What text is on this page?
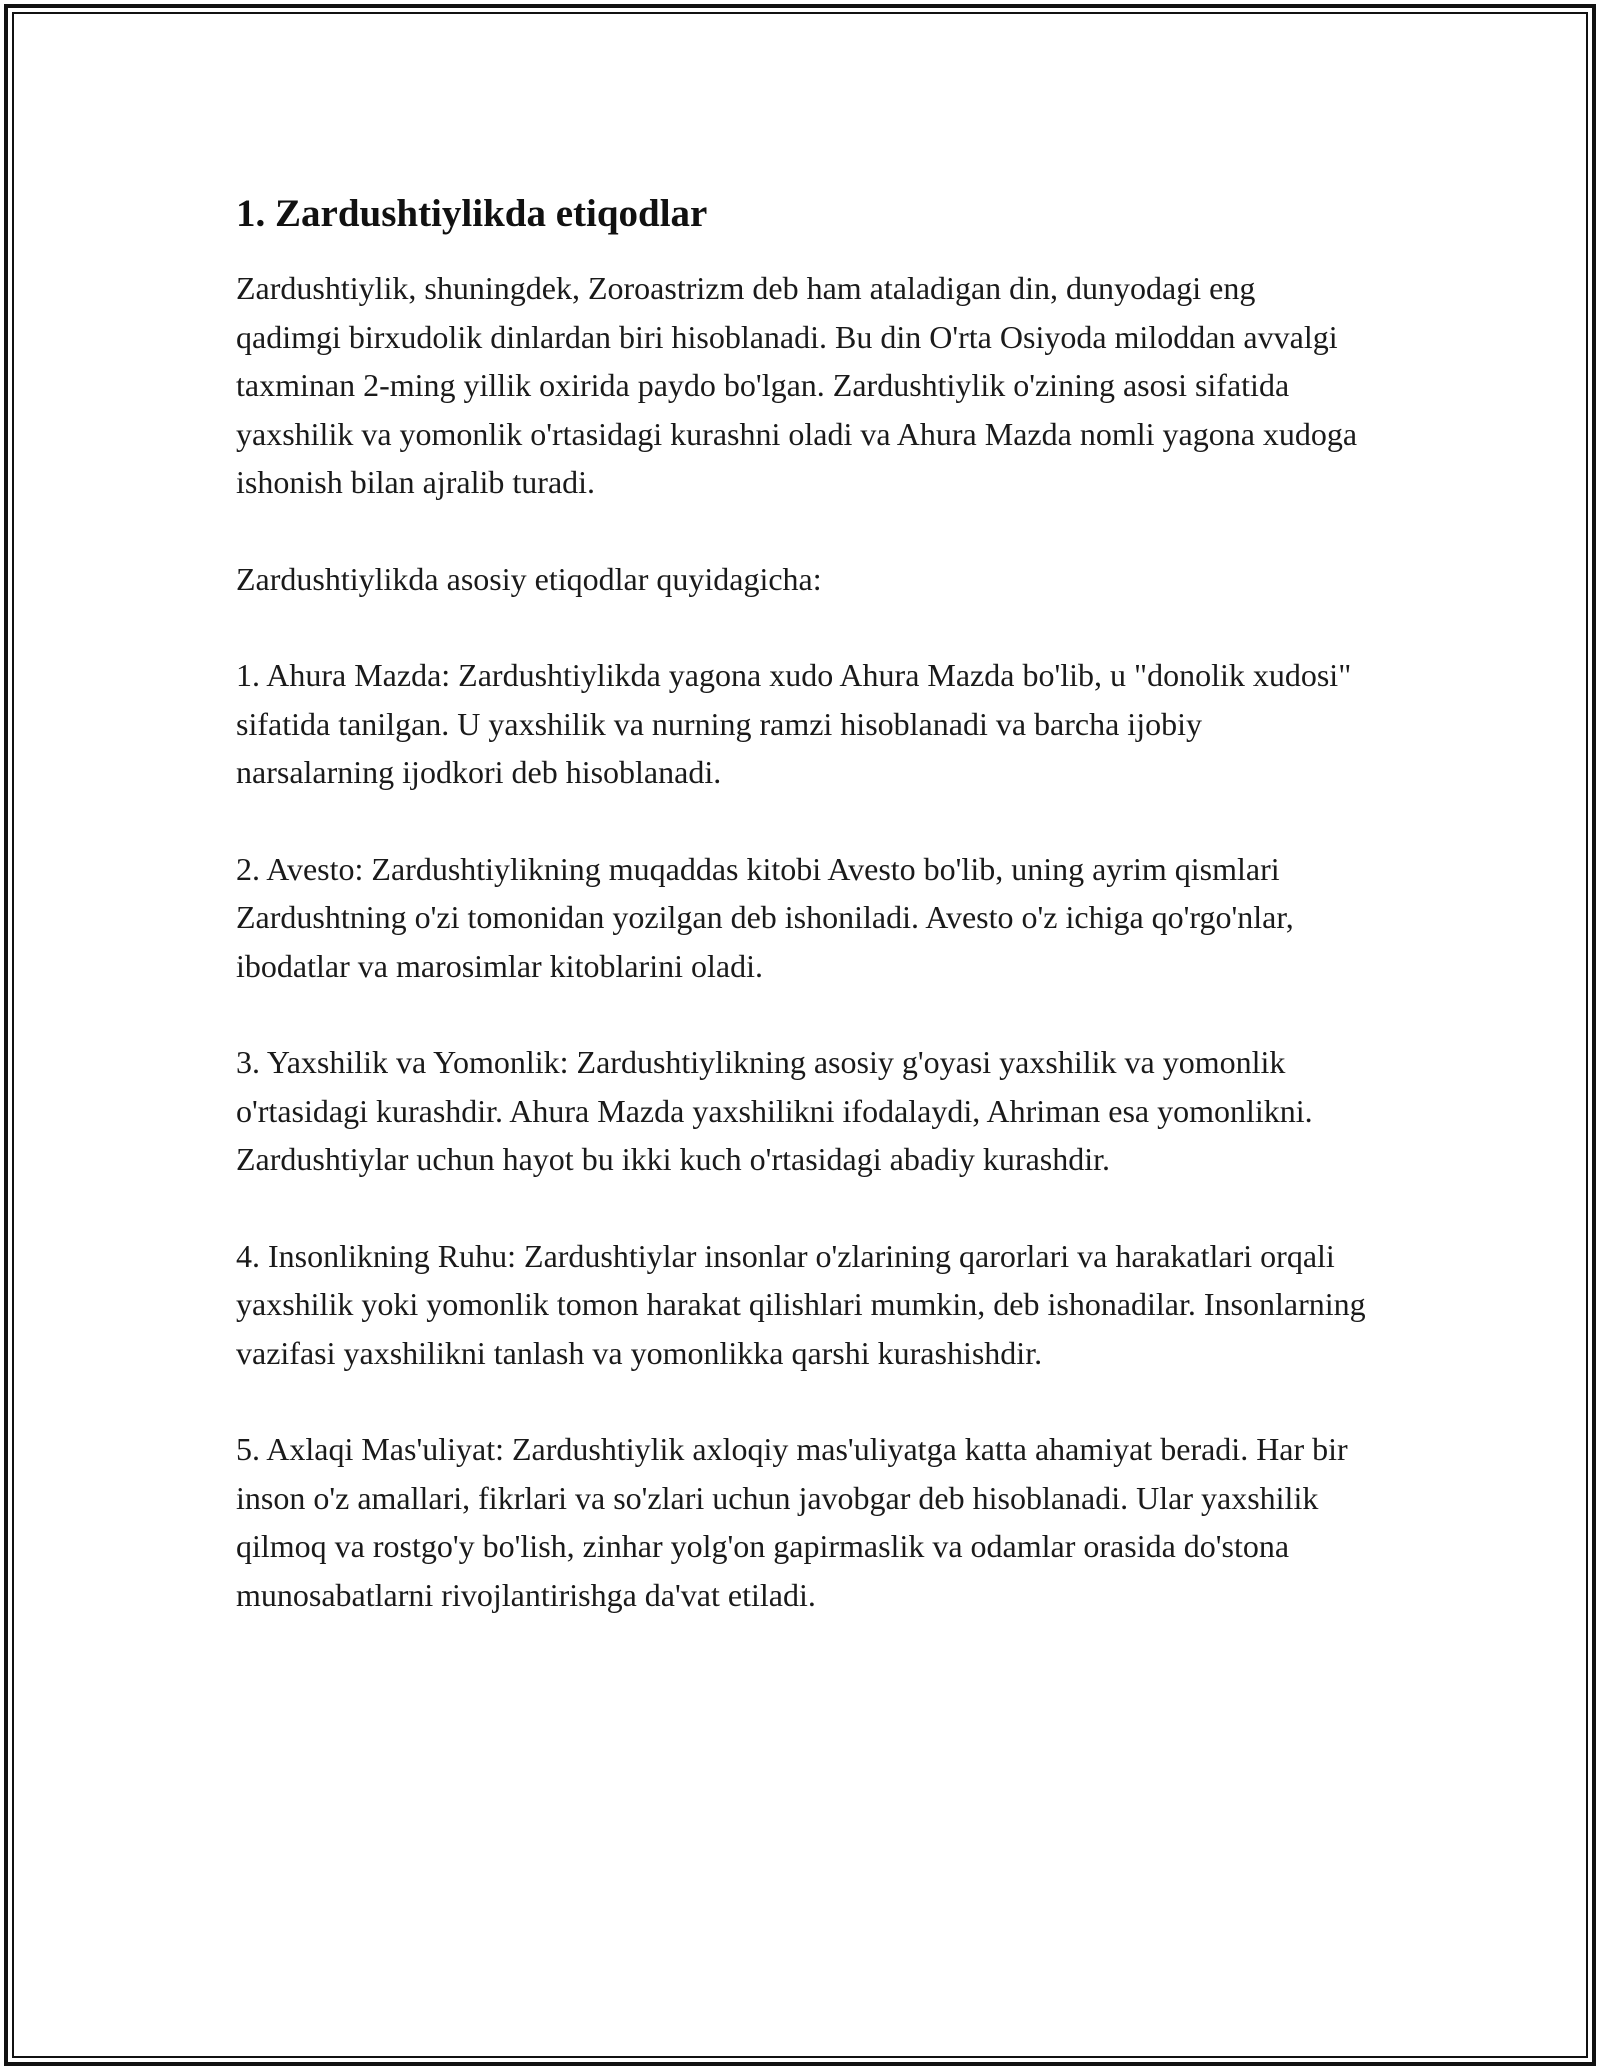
1. Zardushtiylikda etiqodlar

Zardushtiylik, shuningdek, Zoroastrizm deb ham ataladigan din, dunyodagi eng qadimgi birxudolik dinlardan biri hisoblanadi. Bu din O'rta Osiyoda miloddan avvalgi taxminan 2-ming yillik oxirida paydo bo'lgan. Zardushtiylik o'zining asosi sifatida yaxshilik va yomonlik o'rtasidagi kurashni oladi va Ahura Mazda nomli yagona xudoga ishonish bilan ajralib turadi.

Zardushtiylikda asosiy etiqodlar quyidagicha:

1. Ahura Mazda: Zardushtiylikda yagona xudo Ahura Mazda bo'lib, u "donolik xudosi" sifatida tanilgan. U yaxshilik va nurning ramzi hisoblanadi va barcha ijobiy narsalarning ijodkori deb hisoblanadi.

2. Avesto: Zardushtiylikning muqaddas kitobi Avesto bo'lib, uning ayrim qismlari Zardushtning o'zi tomonidan yozilgan deb ishoniladi. Avesto o'z ichiga qo'rgo'nlar, ibodatlar va marosimlar kitoblarini oladi.

3. Yaxshilik va Yomonlik: Zardushtiylikning asosiy g'oyasi yaxshilik va yomonlik o'rtasidagi kurashdir. Ahura Mazda yaxshilikni ifodalaydi, Ahriman esa yomonlikni. Zardushtiylar uchun hayot bu ikki kuch o'rtasidagi abadiy kurashdir.

4. Insonlikning Ruhu: Zardushtiylar insonlar o'zlarining qarorlari va harakatlari orqali yaxshilik yoki yomonlik tomon harakat qilishlari mumkin, deb ishonadilar. Insonlarning vazifasi yaxshilikni tanlash va yomonlikka qarshi kurashishdir.

5. Axlaqi Mas'uliyat: Zardushtiylik axloqiy mas'uliyatga katta ahamiyat beradi. Har bir inson o'z amallari, fikrlari va so'zlari uchun javobgar deb hisoblanadi. Ular yaxshilik qilmoq va rostgo'y bo'lish, zinhar yolg'on gapirmaslik va odamlar orasida do'stona munosabatlarni rivojlantirishga da'vat etiladi.
